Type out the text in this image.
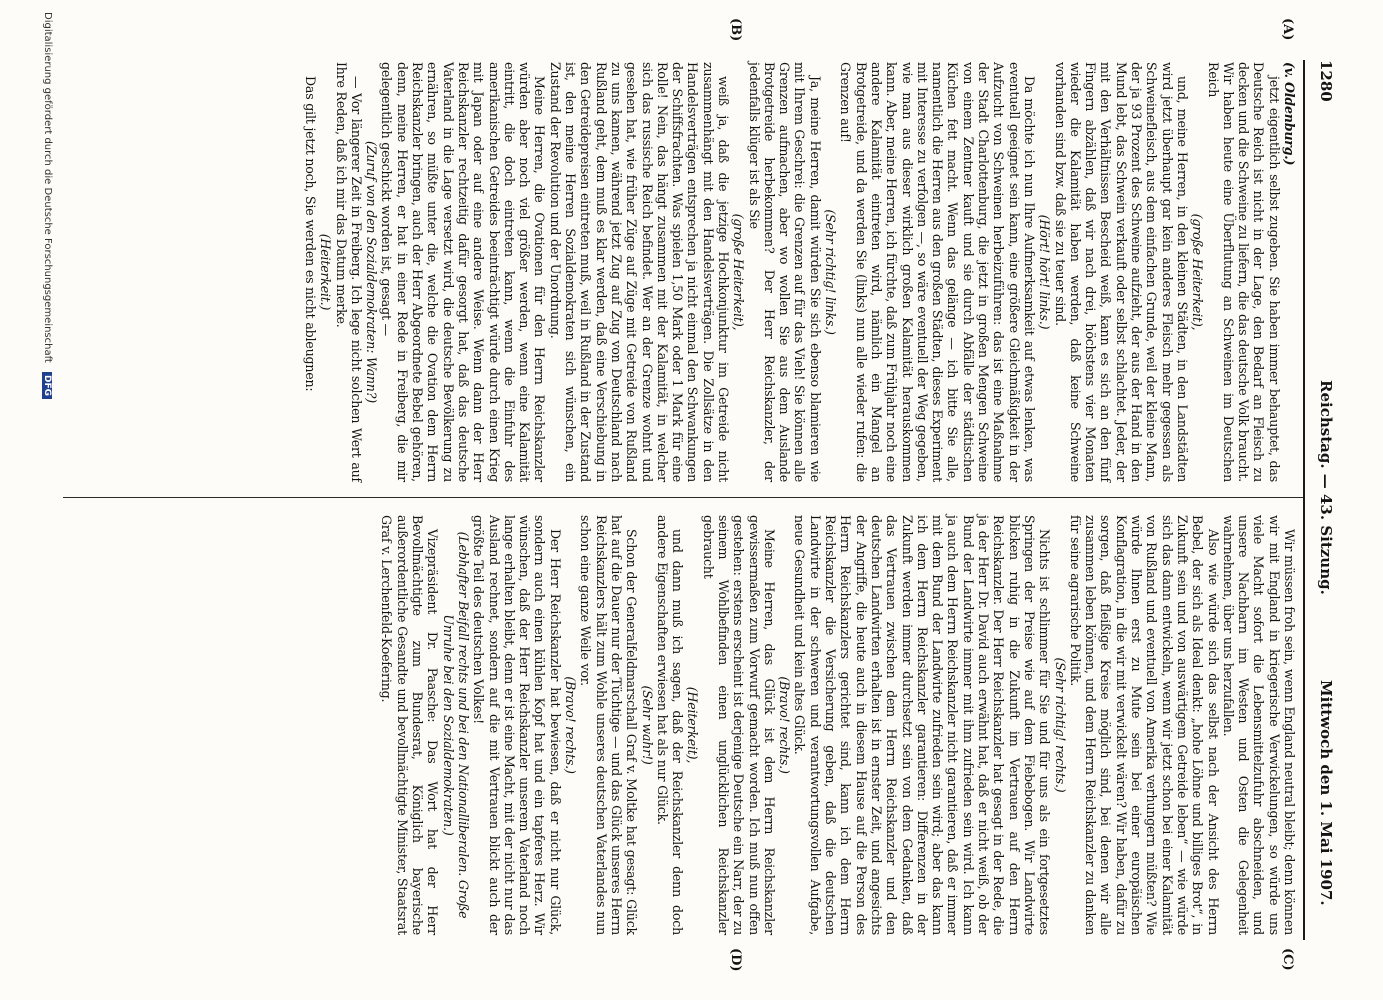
1280
Reichstag. — 43. Sitzung.
Mittwoch den 1. Mai 1907.
(A)
(B)
(C)
(D)

(v. Oldenburg.)

jetzt eigentlich selbst zugeben. Sie haben immer behauptet, das Deutsche Reich ist nicht in der Lage, den Bedarf an Fleisch zu decken und die Schweine zu liefern, die das deutsche Volk braucht. Wir haben heute eine Überflutung an Schweinen im Deutschen Reich

(große Heiterkeit),

und, meine Herren, in den kleinen Städten, in den Landstädten wird jetzt überhaupt gar kein anderes Fleisch mehr gegessen als Schweinefleisch, aus dem einfachen Grunde, weil der kleine Mann, der ja 93 Prozent des Schweine aufzieht, der aus der Hand in den Mund lebt, das Schwein verkauft oder selbst schlachtet. Jeder, der mit den Verhältnissen Bescheid weiß, kann es sich an den fünf Fingern abzählen, daß wir nach drei, höchstens vier Monaten wieder die Kalamität haben werden, daß keine Schweine vorhanden sind bzw. daß sie zu teuer sind.

(Hört! hört! links.)

Da möchte ich nun Ihre Aufmerksamkeit auf etwas lenken, was eventuell geeignet sein kann, eine größere Gleichmäßigkeit in der Aufzucht von Schweinen herbeizuführen: das ist eine Maßnahme der Stadt Charlottenburg, die jetzt in großen Mengen Schweine von einem Zentner kauft und sie durch Abfälle der städtischen Küchen fett macht. Wenn das gelänge — ich bitte Sie alle, namentlich die Herren aus den großen Städten, dieses Experiment mit Interesse zu verfolgen —, so wäre eventuell der Weg gegeben, wie man aus dieser wirklich großen Kalamität herauskommen kann. Aber, meine Herren, ich fürchte, daß zum Frühjahr noch eine andere Kalamität eintreten wird, nämlich ein Mangel an Brotgetreide, und da werden Sie (links) nun alle wieder rufen: die Grenzen auf!

(Sehr richtig! links.)

Ja, meine Herren, damit würden Sie sich ebenso blamieren wie mit Ihrem Geschrei: die Grenzen auf für das Vieh! Sie können alle Grenzen aufmachen, aber wo wollen Sie aus dem Auslande Brotgetreide herbekommen? Der Herr Reichskanzler, der jedenfalls klüger ist als Sie

(große Heiterkeit),

weiß ja, daß die jetzige Hochkonjunktur im Getreide nicht zusammenhängt mit den Handelsverträgen. Die Zollsätze in den Handelsverträgen entsprechen ja nicht einmal den Schwankungen der Schiffsfrachten. Was spielen 1,50 Mark oder 1 Mark für eine Rolle! Nein, das hängt zusammen mit der Kalamität, in welcher sich das russische Reich befindet. Wer an der Grenze wohnt und gesehen hat, wie früher Züge auf Züge mit Getreide von Rußland zu uns kamen, während jetzt Zug auf Zug von Deutschland nach Rußland geht, dem muß es klar werden, daß eine Verschiebung in den Getreidepreisen eintreten muß, weil in Rußland in der Zustand ist, den meine Herren Sozialdemokraten sich wünschen, ein Zustand der Revolution und der Unordnung.

Meine Herren, die Ovationen für den Herrn Reichskanzler würden aber noch viel größer werden, wenn eine Kalamität eintritt, die doch eintreten kann, wenn die Einfuhr des amerikanischen Getreides beeinträchtigt würde durch einen Krieg mit Japan oder auf eine andere Weise. Wenn dann der Herr Reichskanzler rechtzeitig dafür gesorgt hat, daß das deutsche Vaterland in die Lage versetzt wird, die deutsche Bevölkerung zu ernähren, so müßte unter die, welche die Ovation dem Herrn Reichskanzler bringen, auch der Herr Abgeordnete Bebel gehören, denn, meine Herren, er hat in einer Rede in Freiberg, die mir gelegentlich geschickt worden ist, gesagt —

(Zuruf von den Sozialdemokraten: Wann?)

— Vor längerer Zeit in Freiberg. Ich lege nicht solchen Wert auf Ihre Reden, daß ich mir das Datum merke.

(Heiterkeit.)

Das gilt jetzt noch, Sie werden es nicht ableugnen:

Wir müssen froh sein, wenn England neutral bleibt; denn können wir mit England in kriegerische Verwickelungen, so würde uns viele Macht sofort die Lebensmittelzufuhr abschneiden, und unsere Nachbarn im Westen und Osten die Gelegenheit wahrnehmen, über uns herzufallen.

Also wie würde sich das selbst nach der Ansicht des Herrn Bebel, der sich als Ideal denkt: „hohe Löhne und billiges Brot“, in Zukunft sein und von auswärtigem Getreide leben“ — wie würde sich das dann entwickeln, wenn wir jetzt schon bei einer Kalamität von Rußland und eventuell von Amerika verhungern müßten? Wie würde Ihnen erst zu Mute sein bei einer europäischen Konflagration, in die wir mit verwickelt wären? Wir haben, dafür zu sorgen, daß fleißige Kreise möglich sind, bei denen wir alle zusammen leben können, und dem Herrn Reichskanzler zu danken für seine agrarische Politik.

(Sehr richtig! rechts.)

Nichts ist schlimmer für Sie und für uns als ein fortgesetztes Springen der Preise wie auf dem Fiebebogen. Wir Landwirte blicken ruhig in die Zukunft im Vertrauen auf den Herrn Reichskanzler. Der Herr Reichskanzler hat gesagt in der Rede, die ja der Herr Dr. David auch erwähnt hat, daß er nicht weiß, ob der Bund der Landwirte immer mit ihm zufrieden sein wird. Ich kann ja auch dem Herrn Reichskanzler nicht garantieren, daß er immer mit dem Bund der Landwirte zufrieden sein wird; aber das kann ich dem Herrn Reichskanzler garantieren: Differenzen in der Zukunft werden immer durchsetzt sein von dem Gedanken, daß das Vertrauen zwischen dem Herrn Reichskanzler und den deutschen Landwirten erhalten ist in ernster Zeit, und angesichts der Angriffe, die heute auch in diesem Hause auf die Person des Herrn Reichskanzlers gerichtet sind, kann ich dem Herrn Reichskanzler die Versicherung geben, daß die deutschen Landwirte in der schweren und verantwortungsvollen Aufgabe, neue Gesundheit und kein altes Glück.

(Bravo! rechts.)

Meine Herren, das Glück ist dem Herrn Reichskanzler gewissermaßen zum Vorwurf gemacht worden. Ich muß nun offen gestehen: erstens erscheint ist derjenige Deutsche ein Narr, der zu seinem Wohlbefinden einen unglücklichen Reichskanzler gebraucht

(Heiterkeit),

und dann muß ich sagen, daß der Reichskanzler denn doch andere Eigenschaften erwiesen hat als nur Glück.

(Sehr wahr!)

Schon der Generalfeldmarschall Graf v. Moltke hat gesagt: Glück hat auf die Dauer nur der Tüchtige — und das Glück unseres Herrn Reichskanzlers hält zum Wohle unseres deutschen Vaterlandes nun schon eine ganze Weile vor.

(Bravo! rechts.)

Der Herr Reichskanzler hat bewiesen, daß er nicht nur Glück, sondern auch einen kühlen Kopf hat und ein tapferes Herz. Wir wünschen, daß der Herr Reichskanzler unserem Vaterland noch lange erhalten bleibt, denn er ist eine Macht, mit der nicht nur das Ausland rechnet, sondern auf die mit Vertrauen blickt auch der größte Teil des deutschen Volkes!

(Lebhafter Beifall rechts und bei den Nationalliberalen. Große Unruhe bei den Sozialdemokraten.)

Vizepräsident Dr. Paasche: Das Wort hat der Herr Bevollmächtigte zum Bundesrat, Königlich bayerische außerordentliche Gesandte und bevollmächtigte Minister, Staatsrat Graf v. Lerchenfeld-Koefering.

Digitalisierung gefördert durch die Deutsche Forschungsgemeinschaft DFG
